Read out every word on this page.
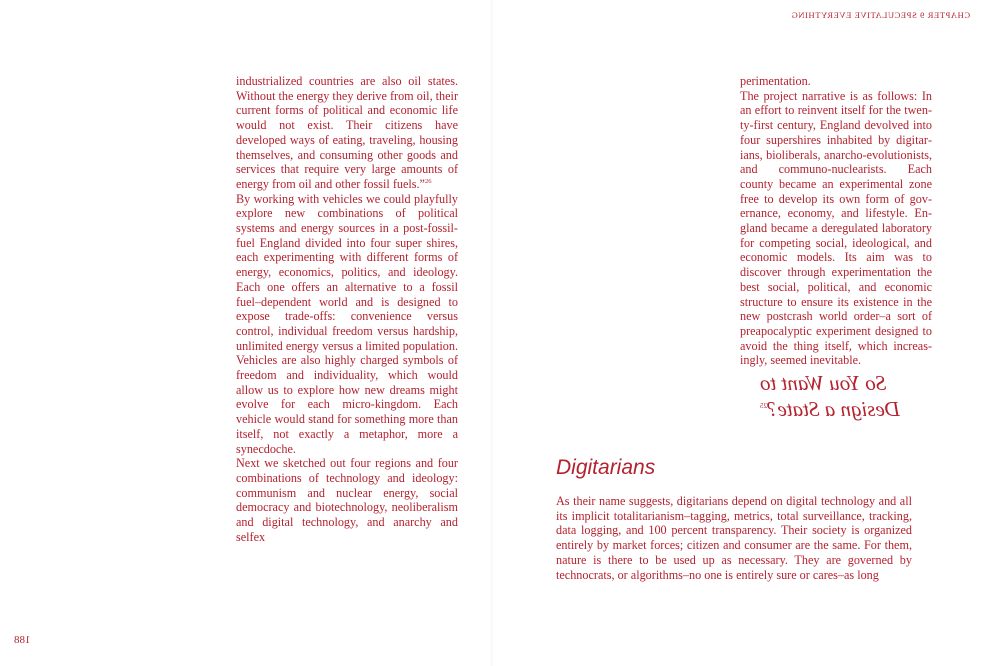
CHAPTER 9 SPECULATIVE EVERYTHING
188

industrialized countries are also oil states. Without the energy they derive from oil, their current forms of political and economic life would not exist. Their citizens have developed ways of eating, traveling, housing themselves, and consuming other goods and services that require very large amounts of energy from oil and other fossil fuels.”$^{26}$

By working with vehicles we could playfully explore new combinations of political systems and energy sources in a post-fossil-fuel England divided into four super shires, each experimenting with different forms of energy, economics, politics, and ideology. Each one offers an alternative to a fossil fuel–dependent world and is designed to expose trade-offs: convenience versus control, individual freedom versus hardship, unlimited energy versus a limited population. Vehicles are also highly charged symbols of freedom and individuality, which would allow us to explore how new dreams might evolve for each micro-kingdom. Each vehicle would stand for something more than itself, not exactly a metaphor, more a synecdoche.

Next we sketched out four regions and four combinations of technology and ideology: communism and nuclear energy, social democracy and biotechnology, neoliberalism and digital technology, and anarchy and selfex

perimentation.

The project narrative is as follows: In an effort to reinvent itself for the twenty-first century, England devolved into four supershires inhabited by digitarians, bioliberals, anarcho-evolutionists, and communo-nuclearists. Each county became an experimental zone free to develop its own form of governance, economy, and lifestyle. England became a deregulated laboratory for competing social, ideological, and economic models. Its aim was to discover through experimentation the best social, political, and economic structure to ensure its existence in the new postcrash world order–a sort of preapocalyptic experiment designed to avoid the thing itself, which increasingly, seemed inevitable.

So You Want to
Design a State?$^{25}$
Digitarians

As their name suggests, digitarians depend on digital technology and all its implicit totalitarianism–tagging, metrics, total surveillance, tracking, data logging, and 100 percent transparency. Their society is organized entirely by market forces; citizen and consumer are the same. For them, nature is there to be used up as necessary. They are governed by technocrats, or algorithms–no one is entirely sure or cares–as long
